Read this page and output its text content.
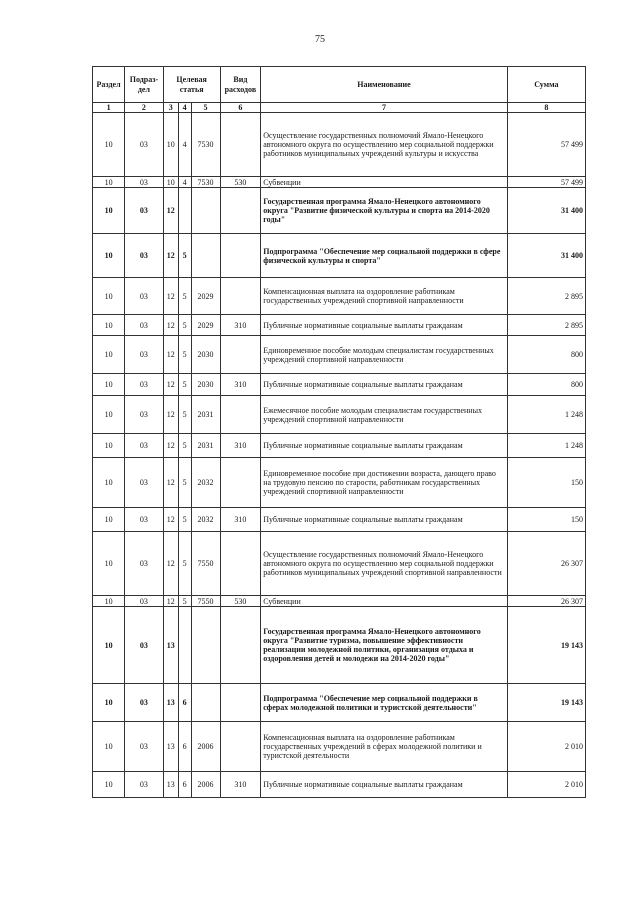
75
Раздел	Подраз-дел	Целевая статья			Вид расходов	Наименование	Сумма
1	2	3	4	5	6	7	8
10	03	10	4	7530		Осуществление государственных полномочий Ямало-Ненецкого автономного округа по осуществлению мер социальной поддержки работников муниципальных учреждений культуры и искусства	57 499
10	03	10	4	7530	530	Субвенции	57 499
10	03	12				Государственная программа Ямало-Ненецкого автономного округа "Развитие физической культуры и спорта на 2014-2020 годы"	31 400
10	03	12	5			Подпрограмма "Обеспечение мер социальной поддержки в сфере физической культуры и спорта"	31 400
10	03	12	5	2029		Компенсационная выплата на оздоровление работникам государственных учреждений спортивной направленности	2 895
10	03	12	5	2029	310	Публичные нормативные социальные выплаты гражданам	2 895
10	03	12	5	2030		Единовременное пособие молодым специалистам государственных учреждений спортивной направленности	800
10	03	12	5	2030	310	Публичные нормативные социальные выплаты гражданам	800
10	03	12	5	2031		Ежемесячное пособие молодым специалистам государственных учреждений спортивной направленности	1 248
10	03	12	5	2031	310	Публичные нормативные социальные выплаты гражданам	1 248
10	03	12	5	2032		Единовременное пособие при достижении возраста, дающего право на трудовую пенсию по старости, работникам государственных учреждений спортивной направленности	150
10	03	12	5	2032	310	Публичные нормативные социальные выплаты гражданам	150
10	03	12	5	7550		Осуществление государственных полномочий Ямало-Ненецкого автономного округа по осуществлению мер социальной поддержки работников муниципальных учреждений спортивной направленности	26 307
10	03	12	5	7550	530	Субвенции	26 307
10	03	13				Государственная программа Ямало-Ненецкого автономного округа "Развитие туризма, повышение эффективности реализации молодежной политики, организация отдыха и оздоровления детей и молодежи на 2014-2020 годы"	19 143
10	03	13	6			Подпрограмма "Обеспечение мер социальной поддержки в сферах молодежной политики и туристской деятельности"	19 143
10	03	13	6	2006		Компенсационная выплата на оздоровление работникам государственных учреждений в сферах молодежной политики и туристской деятельности	2 010
10	03	13	6	2006	310	Публичные нормативные социальные выплаты гражданам	2 010
